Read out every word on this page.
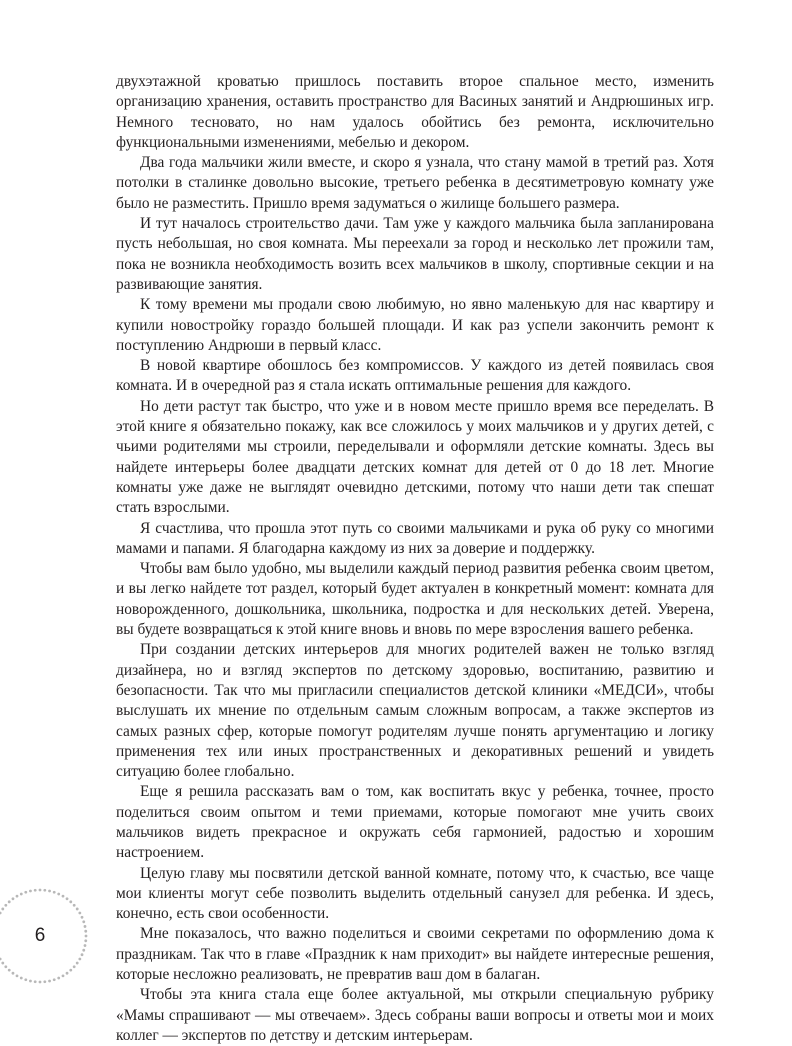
двухэтажной кроватью пришлось поставить второе спальное место, изменить организацию хранения, оставить пространство для Васиных занятий и Андрюшиных игр. Немного тесновато, но нам удалось обойтись без ремонта, исключительно функциональными изменениями, мебелью и декором.

Два года мальчики жили вместе, и скоро я узнала, что стану мамой в третий раз. Хотя потолки в сталинке довольно высокие, третьего ребенка в десятиметровую комнату уже было не разместить. Пришло время задуматься о жилище большего размера.

И тут началось строительство дачи. Там уже у каждого мальчика была запланирована пусть небольшая, но своя комната. Мы переехали за город и несколько лет прожили там, пока не возникла необходимость возить всех мальчиков в школу, спортивные секции и на развивающие занятия.

К тому времени мы продали свою любимую, но явно маленькую для нас квартиру и купили новостройку гораздо большей площади. И как раз успели закончить ремонт к поступлению Андрюши в первый класс.

В новой квартире обошлось без компромиссов. У каждого из детей появилась своя комната. И в очередной раз я стала искать оптимальные решения для каждого.

Но дети растут так быстро, что уже и в новом месте пришло время все переделать. В этой книге я обязательно покажу, как все сложилось у моих мальчиков и у других детей, с чьими родителями мы строили, переделывали и оформляли детские комнаты. Здесь вы найдете интерьеры более двадцати детских комнат для детей от 0 до 18 лет. Многие комнаты уже даже не выглядят очевидно детскими, потому что наши дети так спешат стать взрослыми.

Я счастлива, что прошла этот путь со своими мальчиками и рука об руку со многими мамами и папами. Я благодарна каждому из них за доверие и поддержку.

Чтобы вам было удобно, мы выделили каждый период развития ребенка своим цветом, и вы легко найдете тот раздел, который будет актуален в конкретный момент: комната для новорожденного, дошкольника, школьника, подростка и для нескольких детей. Уверена, вы будете возвращаться к этой книге вновь и вновь по мере взросления вашего ребенка.

При создании детских интерьеров для многих родителей важен не только взгляд дизайнера, но и взгляд экспертов по детскому здоровью, воспитанию, развитию и безопасности. Так что мы пригласили специалистов детской клиники «МЕДСИ», чтобы выслушать их мнение по отдельным самым сложным вопросам, а также экспертов из самых разных сфер, которые помогут родителям лучше понять аргументацию и логику применения тех или иных пространственных и декоративных решений и увидеть ситуацию более глобально.

Еще я решила рассказать вам о том, как воспитать вкус у ребенка, точнее, просто поделиться своим опытом и теми приемами, которые помогают мне учить своих мальчиков видеть прекрасное и окружать себя гармонией, радостью и хорошим настроением.

Целую главу мы посвятили детской ванной комнате, потому что, к счастью, все чаще мои клиенты могут себе позволить выделить отдельный санузел для ребенка. И здесь, конечно, есть свои особенности.

Мне показалось, что важно поделиться и своими секретами по оформлению дома к праздникам. Так что в главе «Праздник к нам приходит» вы найдете интересные решения, которые несложно реализовать, не превратив ваш дом в балаган.

Чтобы эта книга стала еще более актуальной, мы открыли специальную рубрику «Мамы спрашивают — мы отвечаем». Здесь собраны ваши вопросы и ответы мои и моих коллег — экспертов по детству и детским интерьерам.

6
